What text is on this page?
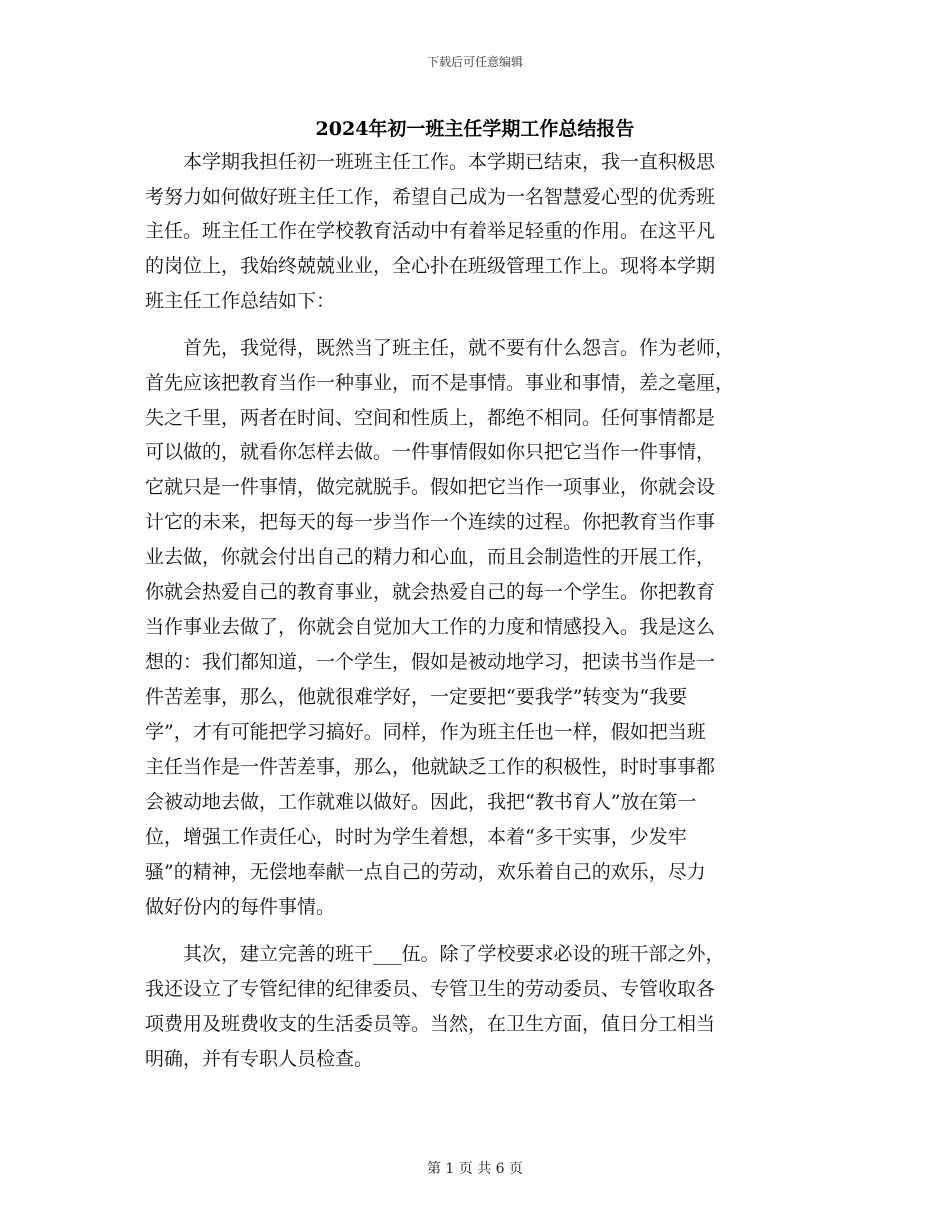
下载后可任意编辑
2024年初一班主任学期工作总结报告
　　本学期我担任初一班班主任工作。本学期已结束，我一直积极思
考努力如何做好班主任工作，希望自己成为一名智慧爱心型的优秀班
主任。班主任工作在学校教育活动中有着举足轻重的作用。在这平凡
的岗位上，我始终兢兢业业，全心扑在班级管理工作上。现将本学期
班主任工作总结如下：
　　首先，我觉得，既然当了班主任，就不要有什么怨言。作为老师，
首先应该把教育当作一种事业，而不是事情。事业和事情，差之毫厘，
失之千里，两者在时间、空间和性质上，都绝不相同。任何事情都是
可以做的，就看你怎样去做。一件事情假如你只把它当作一件事情，
它就只是一件事情，做完就脱手。假如把它当作一项事业，你就会设
计它的未来，把每天的每一步当作一个连续的过程。你把教育当作事
业去做，你就会付出自己的精力和心血，而且会制造性的开展工作，
你就会热爱自己的教育事业，就会热爱自己的每一个学生。你把教育
当作事业去做了，你就会自觉加大工作的力度和情感投入。我是这么
想的：我们都知道，一个学生，假如是被动地学习，把读书当作是一
件苦差事，那么，他就很难学好，一定要把“要我学”转变为“我要
学”，才有可能把学习搞好。同样，作为班主任也一样，假如把当班
主任当作是一件苦差事，那么，他就缺乏工作的积极性，时时事事都
会被动地去做，工作就难以做好。因此，我把“教书育人”放在第一
位，增强工作责任心，时时为学生着想，本着“多干实事，少发牢
骚”的精神，无偿地奉献一点自己的劳动，欢乐着自己的欢乐，尽力
做好份内的每件事情。
　　其次，建立完善的班干___伍。除了学校要求必设的班干部之外，
我还设立了专管纪律的纪律委员、专管卫生的劳动委员、专管收取各
项费用及班费收支的生活委员等。当然，在卫生方面，值日分工相当
明确，并有专职人员检查。
第 1 页 共 6 页
